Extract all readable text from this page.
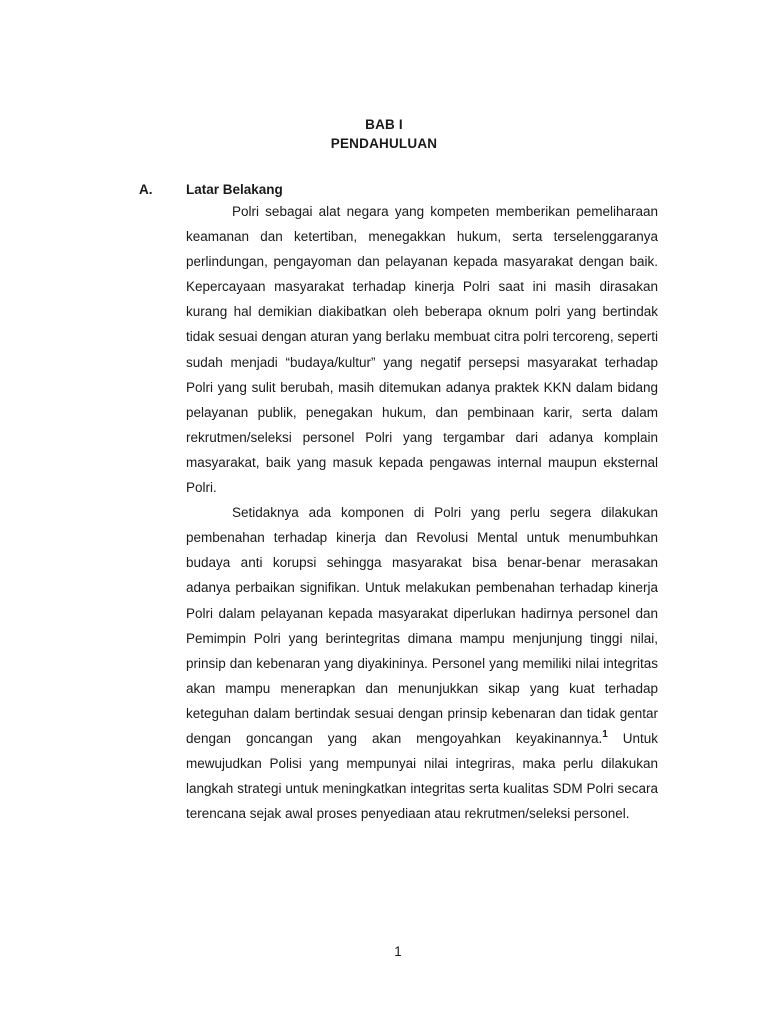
BAB I
PENDAHULUAN
A. Latar Belakang

Polri sebagai alat negara yang kompeten memberikan pemeliharaan keamanan dan ketertiban, menegakkan hukum, serta terselenggaranya perlindungan, pengayoman dan pelayanan kepada masyarakat dengan baik. Kepercayaan masyarakat terhadap kinerja Polri saat ini masih dirasakan kurang hal demikian diakibatkan oleh beberapa oknum polri yang bertindak tidak sesuai dengan aturan yang berlaku membuat citra polri tercoreng, seperti sudah menjadi “budaya/kultur” yang negatif persepsi masyarakat terhadap Polri yang sulit berubah, masih ditemukan adanya praktek KKN dalam bidang pelayanan publik, penegakan hukum, dan pembinaan karir, serta dalam rekrutmen/seleksi personel Polri yang tergambar dari adanya komplain masyarakat, baik yang masuk kepada pengawas internal maupun eksternal Polri.

Setidaknya ada komponen di Polri yang perlu segera dilakukan pembenahan terhadap kinerja dan Revolusi Mental untuk menumbuhkan budaya anti korupsi sehingga masyarakat bisa benar-benar merasakan adanya perbaikan signifikan. Untuk melakukan pembenahan terhadap kinerja Polri dalam pelayanan kepada masyarakat diperlukan hadirnya personel dan Pemimpin Polri yang berintegritas dimana mampu menjunjung tinggi nilai, prinsip dan kebenaran yang diyakininya. Personel yang memiliki nilai integritas akan mampu menerapkan dan menunjukkan sikap yang kuat terhadap keteguhan dalam bertindak sesuai dengan prinsip kebenaran dan tidak gentar dengan goncangan yang akan mengoyahkan keyakinannya.$^1$ Untuk mewujudkan Polisi yang mempunyai nilai integriras, maka perlu dilakukan langkah strategi untuk meningkatkan integritas serta kualitas SDM Polri secara terencana sejak awal proses penyediaan atau rekrutmen/seleksi personel.

1
